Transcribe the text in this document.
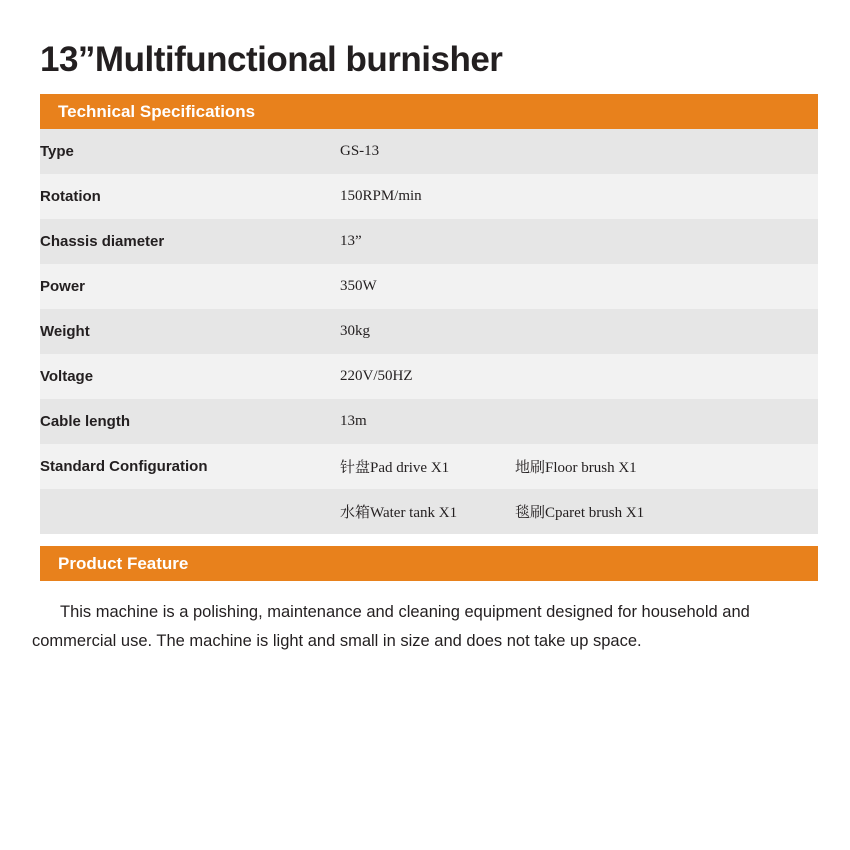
13”Multifunctional burnisher
Technical Specifications
Type	GS-13
Rotation	150RPM/min
Chassis diameter	13”
Power	350W
Weight	30kg
Voltage	220V/50HZ
Cable length	13m
Standard Configuration	针盘Pad drive X1 地刷Floor brush X1

	水箱Water tank X1 毯刷Cparet brush X1
Product Feature
This machine is a polishing, maintenance and cleaning equipment designed for household and commercial use. The machine is light and small in size and does not take up space.
